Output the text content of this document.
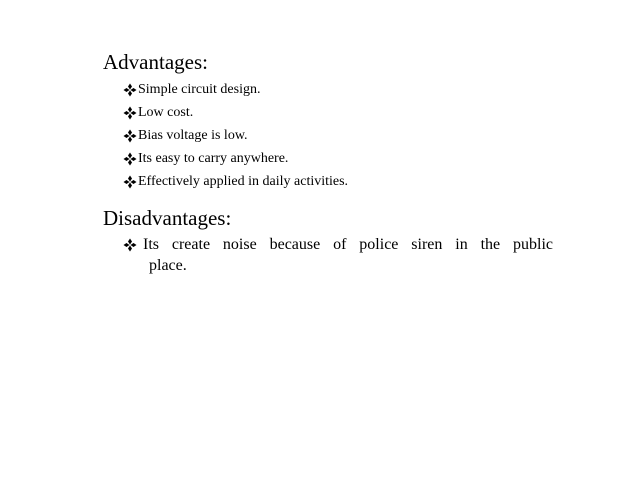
Advantages:
Simple circuit design.
Low cost.
Bias voltage is low.
Its easy to carry anywhere.
Effectively applied in daily activities.
Disadvantages:
Its create noise because of police siren in the public
place.
